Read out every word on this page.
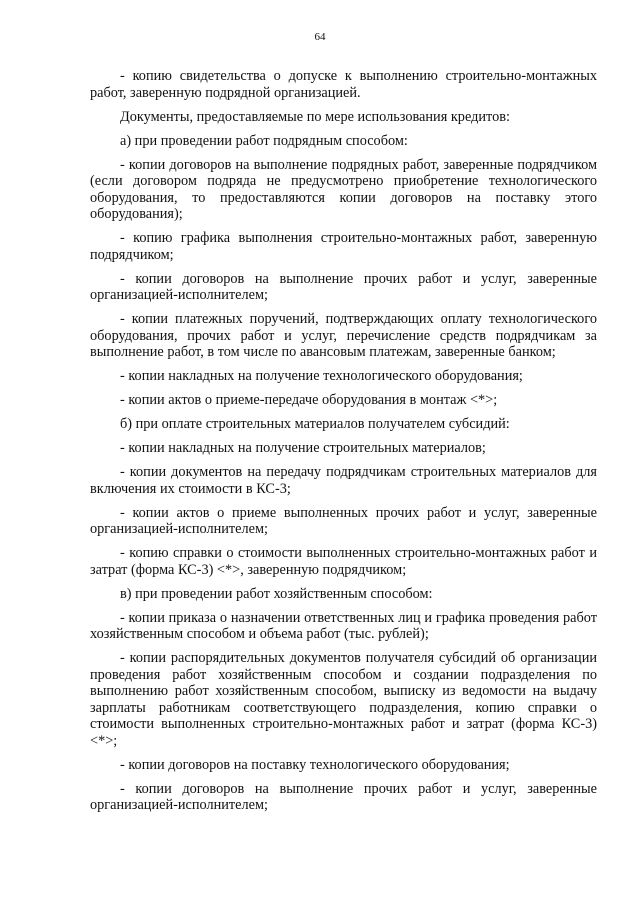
64

- копию свидетельства о допуске к выполнению строительно-монтажных работ, заверенную подрядной организацией.

Документы, предоставляемые по мере использования кредитов:

а) при проведении работ подрядным способом:

- копии договоров на выполнение подрядных работ, заверенные подрядчиком (если договором подряда не предусмотрено приобретение технологического оборудования, то предоставляются копии договоров на поставку этого оборудования);

- копию графика выполнения строительно-монтажных работ, заверенную подрядчиком;

- копии договоров на выполнение прочих работ и услуг, заверенные организацией-исполнителем;

- копии платежных поручений, подтверждающих оплату технологического оборудования, прочих работ и услуг, перечисление средств подрядчикам за выполнение работ, в том числе по авансовым платежам, заверенные банком;

- копии накладных на получение технологического оборудования;

- копии актов о приеме-передаче оборудования в монтаж <*>;

б) при оплате строительных материалов получателем субсидий:

- копии накладных на получение строительных материалов;

- копии документов на передачу подрядчикам строительных материалов для включения их стоимости в КС-3;

- копии актов о приеме выполненных прочих работ и услуг, заверенные организацией-исполнителем;

- копию справки о стоимости выполненных строительно-монтажных работ и затрат (форма КС-3) <*>, заверенную подрядчиком;

в) при проведении работ хозяйственным способом:

- копии приказа о назначении ответственных лиц и графика проведения работ хозяйственным способом и объема работ (тыс. рублей);

- копии распорядительных документов получателя субсидий об организации проведения работ хозяйственным способом и создании подразделения по выполнению работ хозяйственным способом, выписку из ведомости на выдачу зарплаты работникам соответствующего подразделения, копию справки о стоимости выполненных строительно-монтажных работ и затрат (форма КС-3) <*>;

- копии договоров на поставку технологического оборудования;

- копии договоров на выполнение прочих работ и услуг, заверенные организацией-исполнителем;
